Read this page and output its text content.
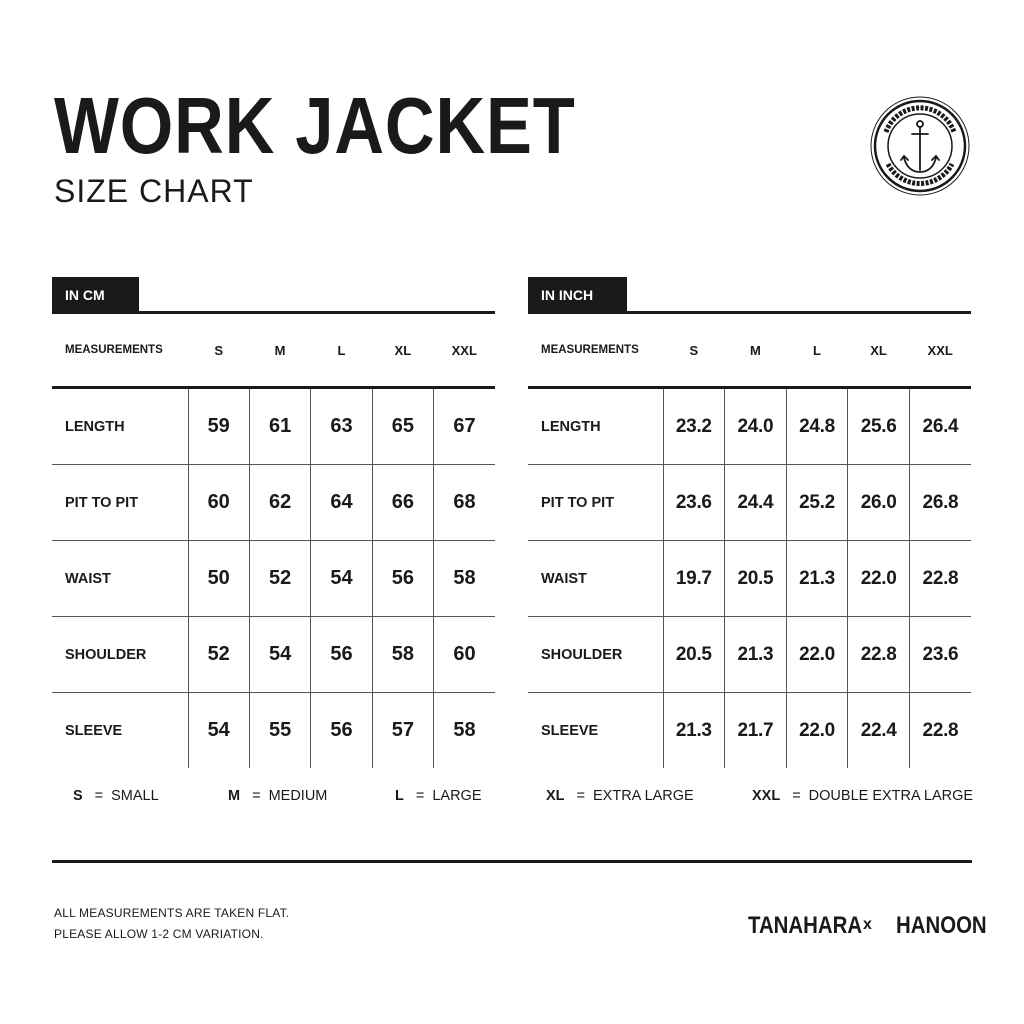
WORK JACKET
SIZE CHART
IN CM
MEASUREMENTS	S	M	L	XL	XXL
LENGTH	59	61	63	65	67
PIT TO PIT	60	62	64	66	68
WAIST	50	52	54	56	58
SHOULDER	52	54	56	58	60
SLEEVE	54	55	56	57	58
IN INCH
MEASUREMENTS	S	M	L	XL	XXL
LENGTH	23.2	24.0	24.8	25.6	26.4
PIT TO PIT	23.6	24.4	25.2	26.0	26.8
WAIST	19.7	20.5	21.3	22.0	22.8
SHOULDER	20.5	21.3	22.0	22.8	23.6
SLEEVE	21.3	21.7	22.0	22.4	22.8
S = SMALL	M = MEDIUM	L = LARGE	XL = EXTRA LARGE	XXL = DOUBLE EXTRA LARGE
ALL MEASUREMENTS ARE TAKEN FLAT.
PLEASE ALLOW 1-2 CM VARIATION.	TANAHARA x HANOON
